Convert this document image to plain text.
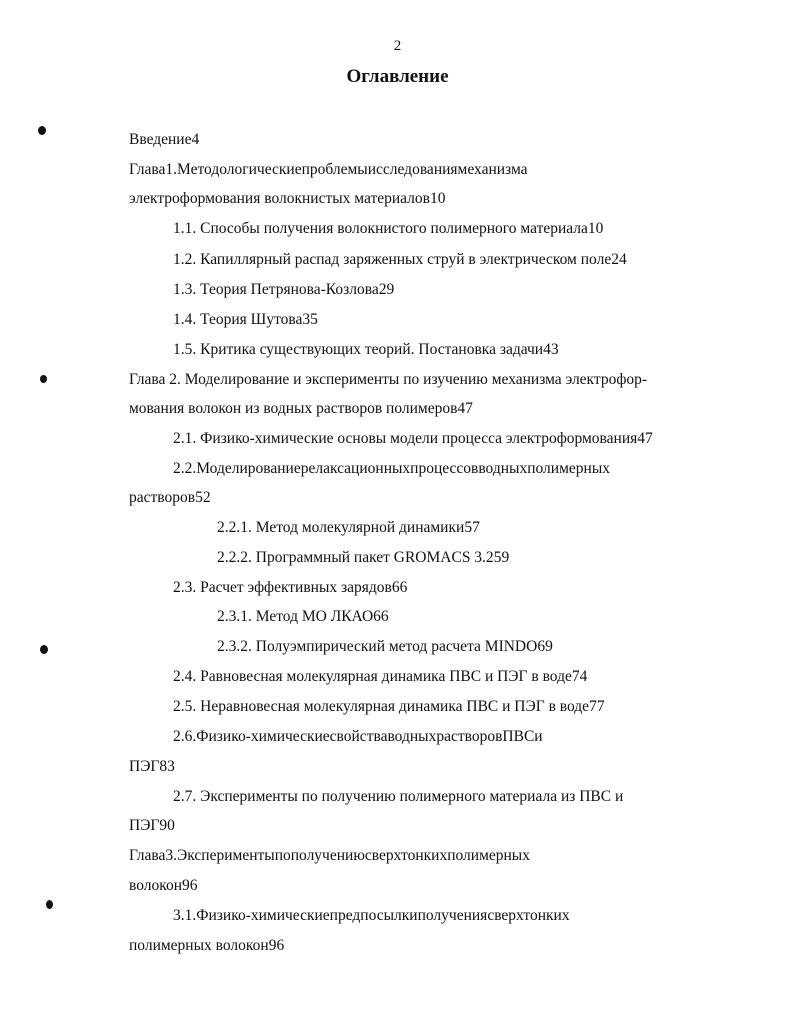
2
Оглавление
Введение 4
Глава 1. Методологические проблемы исследования механизма
электроформования волокнистых материалов 10
1.1. Способы получения волокнистого полимерного материала 10
1.2. Капиллярный распад заряженных струй в электрическом поле 24
1.3. Теория Петрянова-Козлова 29
1.4. Теория Шутова 35
1.5. Критика существующих теорий. Постановка задачи 43
Глава 2. Моделирование и эксперименты по изучению механизма электрофор-
мования волокон из водных растворов полимеров 47
2.1. Физико-химические основы модели процесса электроформования 47
2.2. Моделирование релаксационных процессов водных полимерных
растворов 52
2.2.1. Метод молекулярной динамики 57
2.2.2. Программный пакет GROMACS 3.2 59
2.3. Расчет эффективных зарядов 66
2.3.1. Метод МО ЛКАО 66
2.3.2. Полуэмпирический метод расчета MINDO 69
2.4. Равновесная молекулярная динамика ПВС и ПЭГ в воде 74
2.5. Неравновесная молекулярная динамика ПВС и ПЭГ в воде 77
2.6. Физико-химические свойства водных растворов ПВС и
ПЭГ 83
2.7. Эксперименты по получению полимерного материала из ПВС и
ПЭГ 90
Глава 3. Эксперименты по получению сверхтонких полимерных
волокон 96
3.1. Физико-химические предпосылки получения сверхтонких
полимерных волокон 96
